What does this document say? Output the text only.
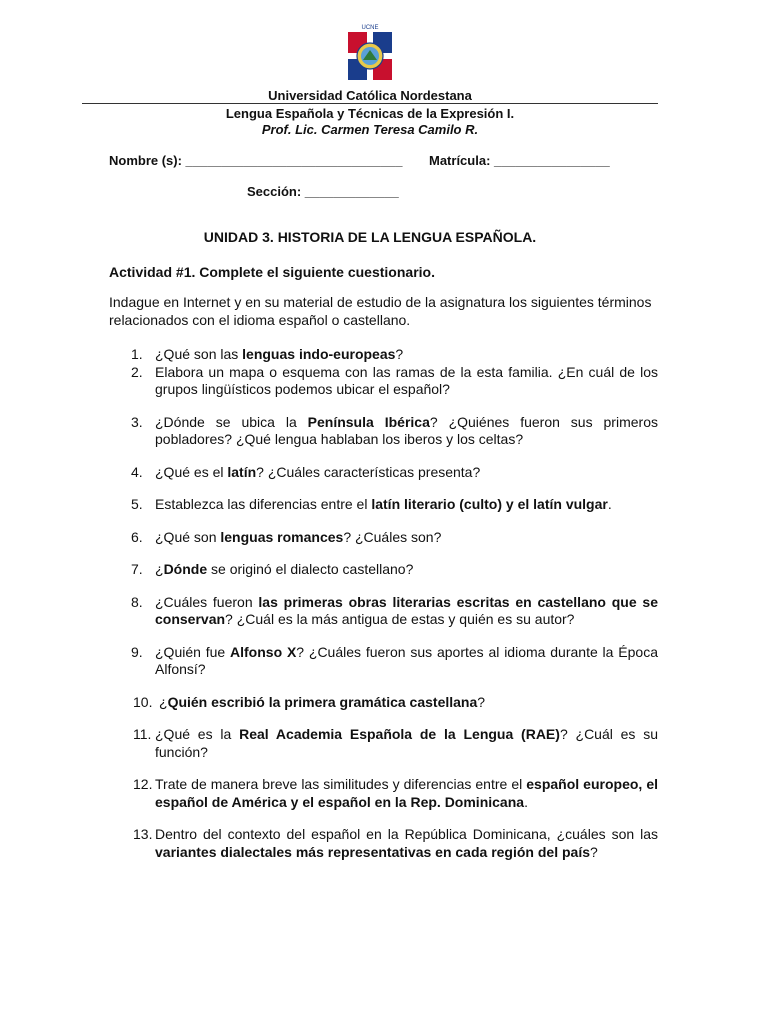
UCNE
Universidad Católica Nordestana
Lengua Española y Técnicas de la Expresión I.
Prof. Lic. Carmen Teresa Camilo R.
Nombre (s): ______________________________ Matrícula: ________________
Sección: _____________
UNIDAD 3. HISTORIA DE LA LENGUA ESPAÑOLA.
Actividad #1. Complete el siguiente cuestionario.
Indague en Internet y en su material de estudio de la asignatura los siguientes términos relacionados con el idioma español o castellano.
1. ¿Qué son las lenguas indo-europeas?
2. Elabora un mapa o esquema con las ramas de la esta familia. ¿En cuál de los grupos lingüísticos podemos ubicar el español?
3. ¿Dónde se ubica la Península Ibérica? ¿Quiénes fueron sus primeros pobladores? ¿Qué lengua hablaban los iberos y los celtas?
4. ¿Qué es el latín? ¿Cuáles características presenta?
5. Establezca las diferencias entre el latín literario (culto) y el latín vulgar.
6. ¿Qué son lenguas romances? ¿Cuáles son?
7. ¿Dónde se originó el dialecto castellano?
8. ¿Cuáles fueron las primeras obras literarias escritas en castellano que se conservan? ¿Cuál es la más antigua de estas y quién es su autor?
9. ¿Quién fue Alfonso X? ¿Cuáles fueron sus aportes al idioma durante la Época Alfonsí?
10. ¿Quién escribió la primera gramática castellana?
11. ¿Qué es la Real Academia Española de la Lengua (RAE)? ¿Cuál es su función?
12. Trate de manera breve las similitudes y diferencias entre el español europeo, el español de América y el español en la Rep. Dominicana.
13. Dentro del contexto del español en la República Dominicana, ¿cuáles son las variantes dialectales más representativas en cada región del país?
